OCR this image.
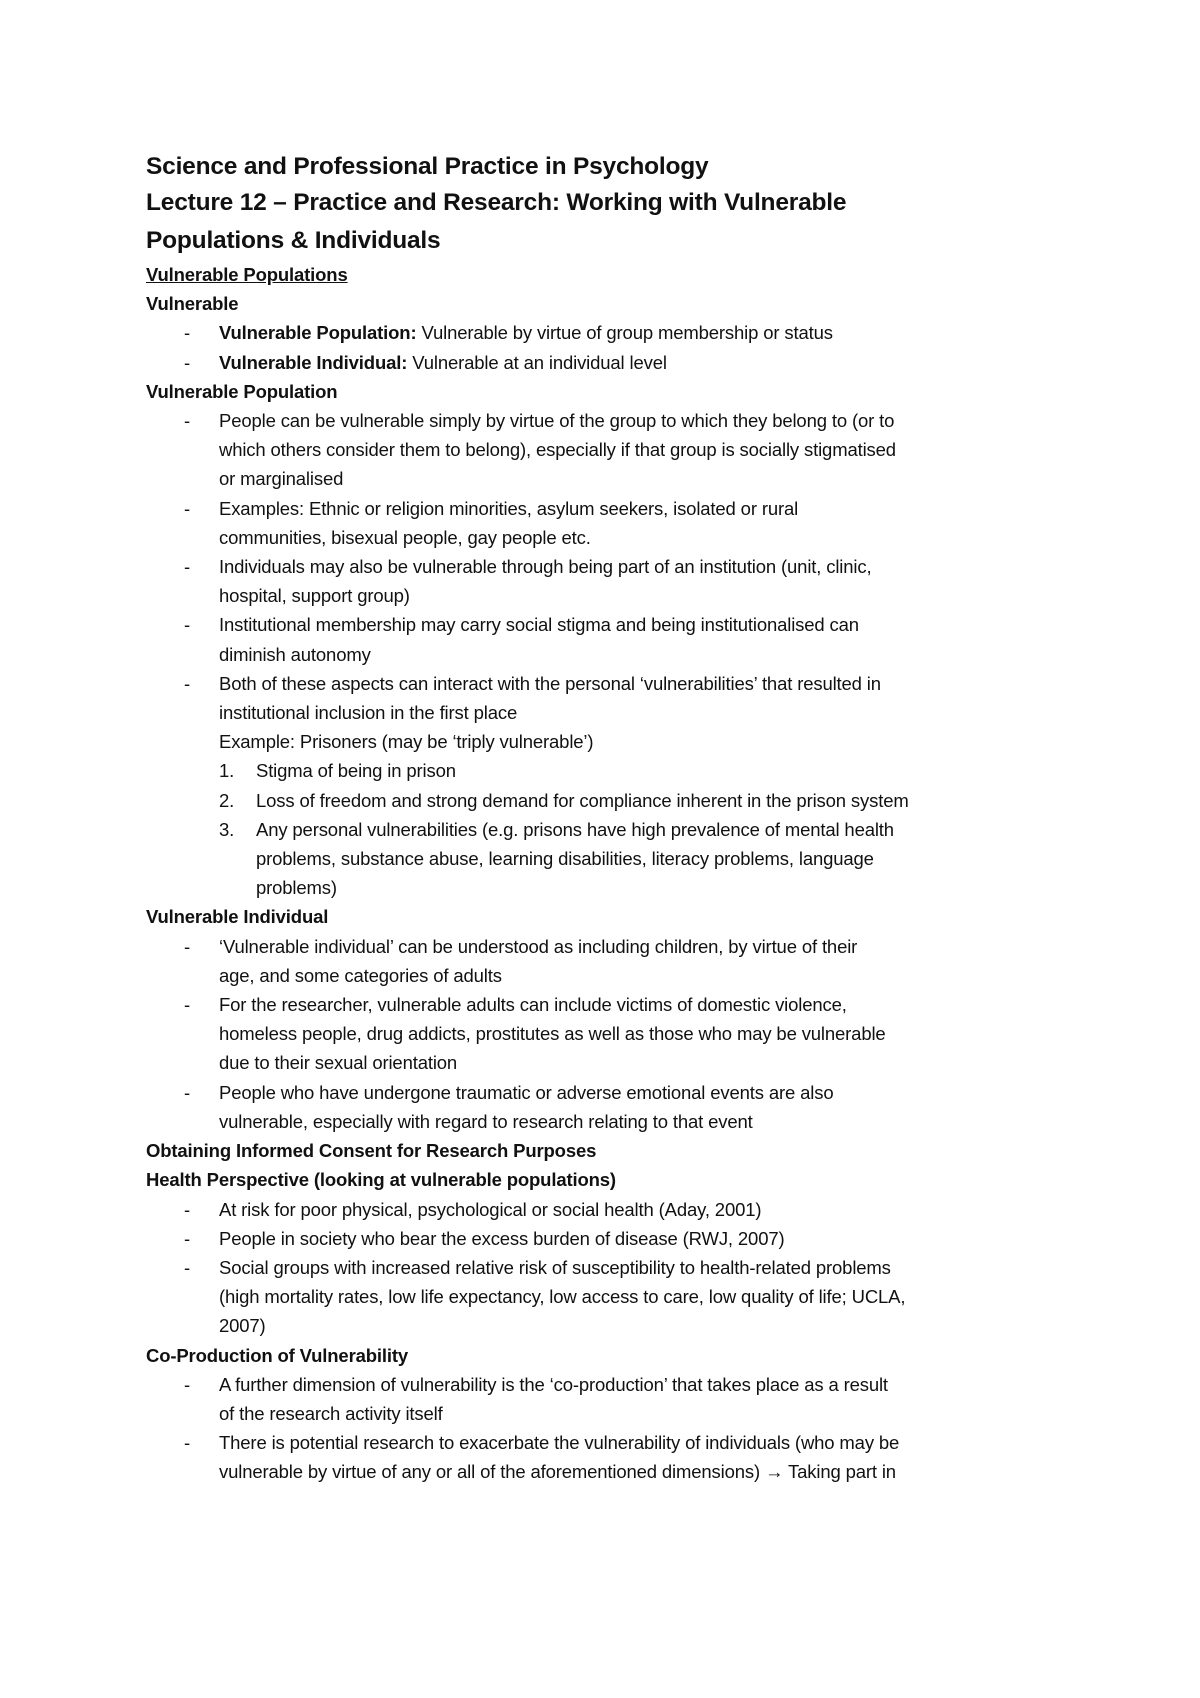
Science and Professional Practice in Psychology
Lecture 12 – Practice and Research: Working with Vulnerable
Populations & Individuals
Vulnerable Populations
Vulnerable
- Vulnerable Population: Vulnerable by virtue of group membership or status
- Vulnerable Individual: Vulnerable at an individual level
Vulnerable Population
- People can be vulnerable simply by virtue of the group to which they belong to (or to
which others consider them to belong), especially if that group is socially stigmatised
or marginalised
- Examples: Ethnic or religion minorities, asylum seekers, isolated or rural
communities, bisexual people, gay people etc.
- Individuals may also be vulnerable through being part of an institution (unit, clinic,
hospital, support group)
- Institutional membership may carry social stigma and being institutionalised can
diminish autonomy
- Both of these aspects can interact with the personal ‘vulnerabilities’ that resulted in
institutional inclusion in the first place
Example: Prisoners (may be ‘triply vulnerable’)
1. Stigma of being in prison
2. Loss of freedom and strong demand for compliance inherent in the prison system
3. Any personal vulnerabilities (e.g. prisons have high prevalence of mental health
problems, substance abuse, learning disabilities, literacy problems, language
problems)
Vulnerable Individual
- ‘Vulnerable individual’ can be understood as including children, by virtue of their
age, and some categories of adults
- For the researcher, vulnerable adults can include victims of domestic violence,
homeless people, drug addicts, prostitutes as well as those who may be vulnerable
due to their sexual orientation
- People who have undergone traumatic or adverse emotional events are also
vulnerable, especially with regard to research relating to that event
Obtaining Informed Consent for Research Purposes
Health Perspective (looking at vulnerable populations)
- At risk for poor physical, psychological or social health (Aday, 2001)
- People in society who bear the excess burden of disease (RWJ, 2007)
- Social groups with increased relative risk of susceptibility to health-related problems
(high mortality rates, low life expectancy, low access to care, low quality of life; UCLA,
2007)
Co-Production of Vulnerability
- A further dimension of vulnerability is the ‘co-production’ that takes place as a result
of the research activity itself
- There is potential research to exacerbate the vulnerability of individuals (who may be
vulnerable by virtue of any or all of the aforementioned dimensions) → Taking part in
